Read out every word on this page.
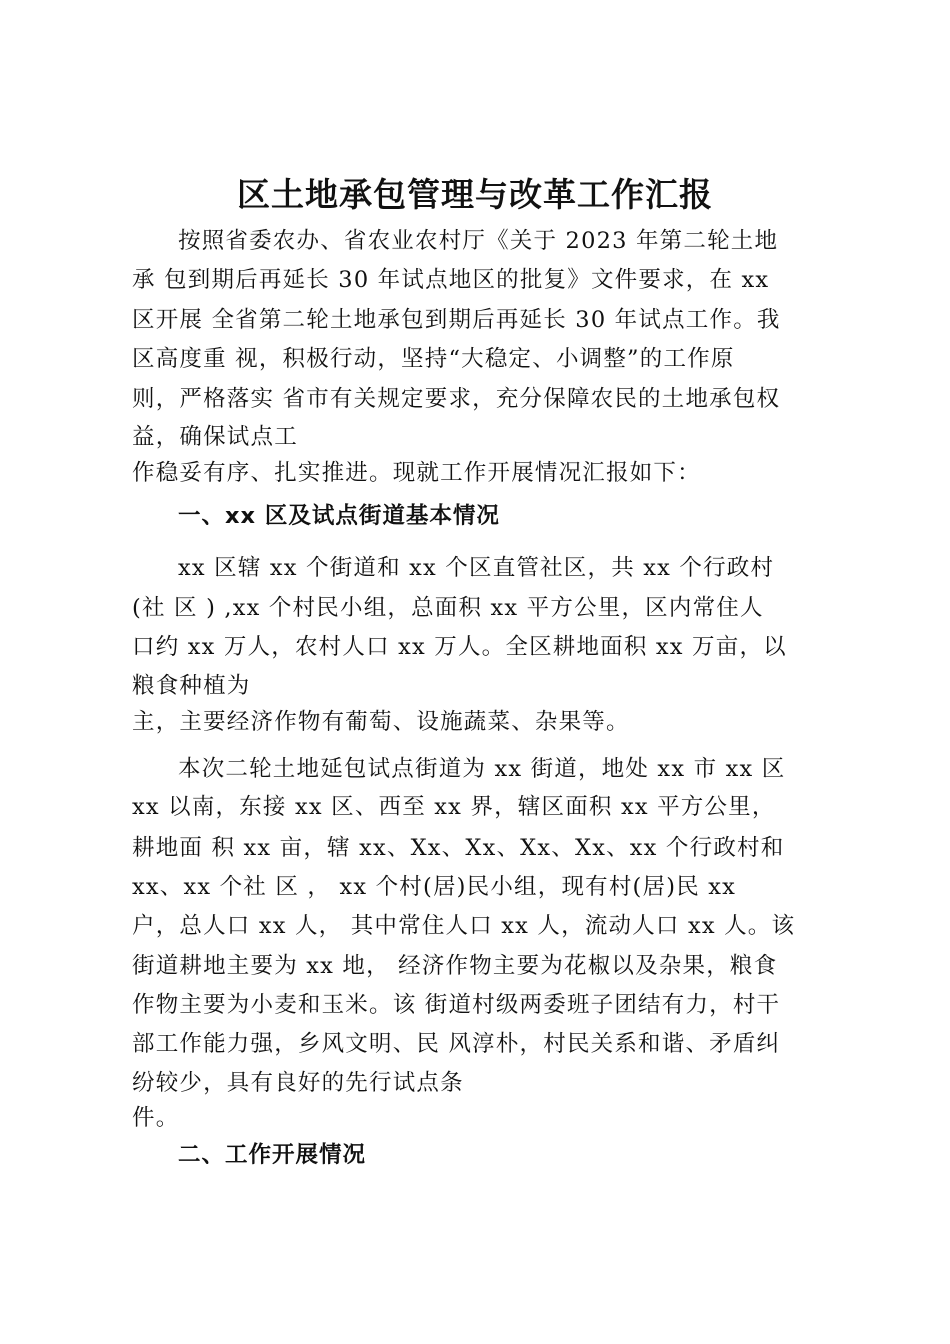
区土地承包管理与改革工作汇报
按照省委农办、省农业农村厅《关于 2023 年第二轮土地
承 包到期后再延长 30 年试点地区的批复》文件要求，在 xx
区开展 全省第二轮土地承包到期后再延长 30 年试点工作。我
区高度重 视，积极行动，坚持“大稳定、小调整”的工作原
则，严格落实 省市有关规定要求，充分保障农民的土地承包权
益，确保试点工
作稳妥有序、扎实推进。现就工作开展情况汇报如下：
一、xx 区及试点街道基本情况
xx 区辖 xx 个街道和 xx 个区直管社区，共 xx 个行政村
(社 区 ) ,xx 个村民小组，总面积 xx 平方公里，区内常住人
口约 xx 万人，农村人口 xx 万人。全区耕地面积 xx 万亩，以
粮食种植为
主，主要经济作物有葡萄、设施蔬菜、杂果等。
本次二轮土地延包试点街道为 xx 街道，地处 xx 市 xx 区
xx 以南，东接 xx 区、西至 xx 界，辖区面积 xx 平方公里，
耕地面 积 xx 亩，辖 xx、Xx、Xx、Xx、Xx、xx 个行政村和
xx、xx 个社 区 ， xx 个村(居)民小组，现有村(居)民 xx
户，总人口 xx 人， 其中常住人口 xx 人，流动人口 xx 人。该
街道耕地主要为 xx 地， 经济作物主要为花椒以及杂果，粮食
作物主要为小麦和玉米。该 街道村级两委班子团结有力，村干
部工作能力强，乡风文明、民 风淳朴，村民关系和谐、矛盾纠
纷较少，具有良好的先行试点条
件。
二、工作开展情况
